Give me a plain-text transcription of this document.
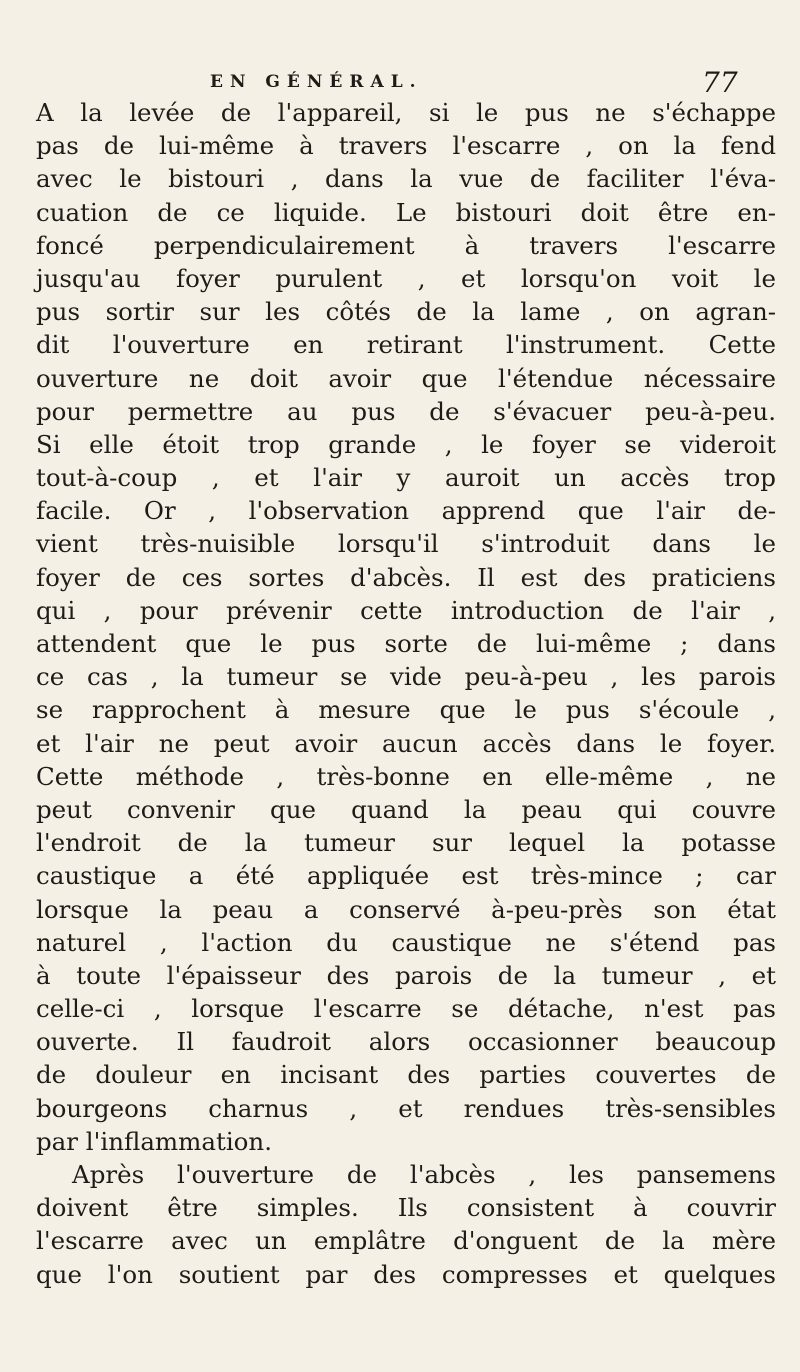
EN GÉNÉRAL.	77
A la levée de l'appareil, si le pus ne s'échappe
pas de lui-même à travers l'escarre , on la fend
avec le bistouri , dans la vue de faciliter l'éva-
cuation de ce liquide. Le bistouri doit être en-
foncé perpendiculairement à travers l'escarre
jusqu'au foyer purulent , et lorsqu'on voit le
pus sortir sur les côtés de la lame , on agran-
dit l'ouverture en retirant l'instrument. Cette
ouverture ne doit avoir que l'étendue nécessaire
pour permettre au pus de s'évacuer peu-à-peu.
Si elle étoit trop grande , le foyer se videroit
tout-à-coup , et l'air y auroit un accès trop
facile. Or , l'observation apprend que l'air de-
vient très-nuisible lorsqu'il s'introduit dans le
foyer de ces sortes d'abcès. Il est des praticiens
qui , pour prévenir cette introduction de l'air ,
attendent que le pus sorte de lui-même ; dans
ce cas , la tumeur se vide peu-à-peu , les parois
se rapprochent à mesure que le pus s'écoule ,
et l'air ne peut avoir aucun accès dans le foyer.
Cette méthode , très-bonne en elle-même , ne
peut convenir que quand la peau qui couvre
l'endroit de la tumeur sur lequel la potasse
caustique a été appliquée est très-mince ; car
lorsque la peau a conservé à-peu-près son état
naturel , l'action du caustique ne s'étend pas
à toute l'épaisseur des parois de la tumeur , et
celle-ci , lorsque l'escarre se détache, n'est pas
ouverte. Il faudroit alors occasionner beaucoup
de douleur en incisant des parties couvertes de
bourgeons charnus , et rendues très-sensibles
par l'inflammation.
Après l'ouverture de l'abcès , les pansemens
doivent être simples. Ils consistent à couvrir
l'escarre avec un emplâtre d'onguent de la mère
que l'on soutient par des compresses et quelques
